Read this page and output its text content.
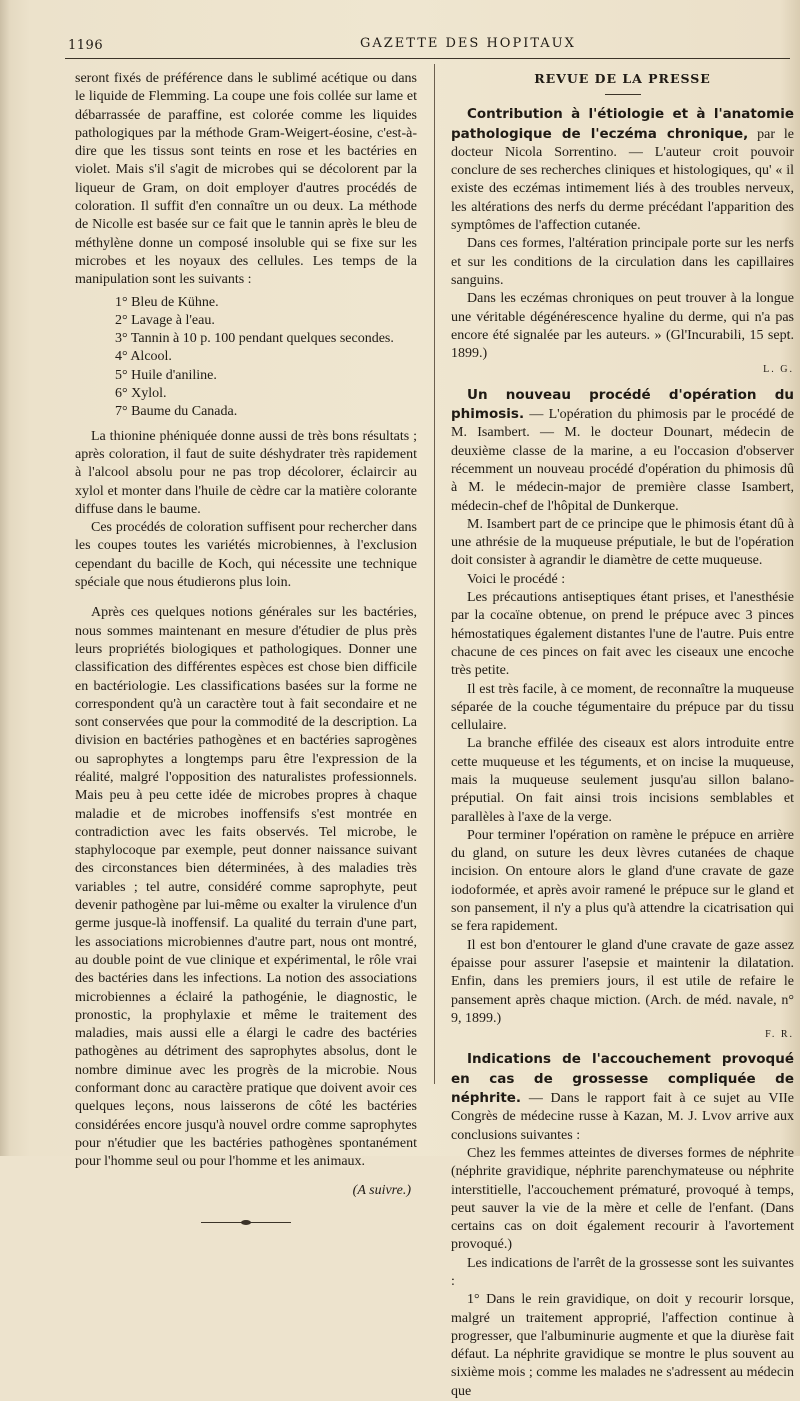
1196	GAZETTE DES HOPITAUX

seront fixés de préférence dans le sublimé acétique ou dans le liquide de Flemming. La coupe une fois collée sur lame et débarrassée de paraffine, est colorée comme les liquides pathologiques par la méthode Gram-Weigert-éosine, c'est-à-dire que les tissus sont teints en rose et les bactéries en violet. Mais s'il s'agit de microbes qui se décolorent par la liqueur de Gram, on doit employer d'autres procédés de coloration. Il suffit d'en connaître un ou deux. La méthode de Nicolle est basée sur ce fait que le tannin après le bleu de méthylène donne un composé insoluble qui se fixe sur les microbes et les noyaux des cellules. Les temps de la manipulation sont les suivants :

1° Bleu de Kühne.
2° Lavage à l'eau.
3° Tannin à 10 p. 100 pendant quelques secondes.
4° Alcool.
5° Huile d'aniline.
6° Xylol.
7° Baume du Canada.

La thionine phéniquée donne aussi de très bons résultats ; après coloration, il faut de suite déshydrater très rapidement à l'alcool absolu pour ne pas trop décolorer, éclaircir au xylol et monter dans l'huile de cèdre car la matière colorante diffuse dans le baume.

Ces procédés de coloration suffisent pour rechercher dans les coupes toutes les variétés microbiennes, à l'exclusion cependant du bacille de Koch, qui nécessite une technique spéciale que nous étudierons plus loin.

Après ces quelques notions générales sur les bactéries, nous sommes maintenant en mesure d'étudier de plus près leurs propriétés biologiques et pathologiques. Donner une classification des différentes espèces est chose bien difficile en bactériologie. Les classifications basées sur la forme ne correspondent qu'à un caractère tout à fait secondaire et ne sont conservées que pour la commodité de la description. La division en bactéries pathogènes et en bactéries saprogènes ou saprophytes a longtemps paru être l'expression de la réalité, malgré l'opposition des naturalistes professionnels. Mais peu à peu cette idée de microbes propres à chaque maladie et de microbes inoffensifs s'est montrée en contradiction avec les faits observés. Tel microbe, le staphylocoque par exemple, peut donner naissance suivant des circonstances bien déterminées, à des maladies très variables ; tel autre, considéré comme saprophyte, peut devenir pathogène par lui-même ou exalter la virulence d'un germe jusque-là inoffensif. La qualité du terrain d'une part, les associations microbiennes d'autre part, nous ont montré, au double point de vue clinique et expérimental, le rôle vrai des bactéries dans les infections. La notion des associations microbiennes a éclairé la pathogénie, le diagnostic, le pronostic, la prophylaxie et même le traitement des maladies, mais aussi elle a élargi le cadre des bactéries pathogènes au détriment des saprophytes absolus, dont le nombre diminue avec les progrès de la microbie. Nous conformant donc au caractère pratique que doivent avoir ces quelques leçons, nous laisserons de côté les bactéries considérées encore jusqu'à nouvel ordre comme saprophytes pour n'étudier que les bactéries pathogènes spontanément pour l'homme seul ou pour l'homme et les animaux.

(A suivre.)
REVUE DE LA PRESSE

Contribution à l'étiologie et à l'anatomie pathologique de l'eczéma chronique, par le docteur Nicola Sorrentino. — L'auteur croit pouvoir conclure de ses recherches cliniques et histologiques, qu' « il existe des eczémas intimement liés à des troubles nerveux, les altérations des nerfs du derme précédant l'apparition des symptômes de l'affection cutanée.

Dans ces formes, l'altération principale porte sur les nerfs et sur les conditions de la circulation dans les capillaires sanguins.

Dans les eczémas chroniques on peut trouver à la longue une véritable dégénérescence hyaline du derme, qui n'a pas encore été signalée par les auteurs. » (Gl'Incurabili, 15 sept. 1899.)

L. G.

Un nouveau procédé d'opération du phimosis. — L'opération du phimosis par le procédé de M. Isambert. — M. le docteur Dounart, médecin de deuxième classe de la marine, a eu l'occasion d'observer récemment un nouveau procédé d'opération du phimosis dû à M. le médecin-major de première classe Isambert, médecin-chef de l'hôpital de Dunkerque.

M. Isambert part de ce principe que le phimosis étant dû à une athrésie de la muqueuse préputiale, le but de l'opération doit consister à agrandir le diamètre de cette muqueuse.

Voici le procédé :

Les précautions antiseptiques étant prises, et l'anesthésie par la cocaïne obtenue, on prend le prépuce avec 3 pinces hémostatiques également distantes l'une de l'autre. Puis entre chacune de ces pinces on fait avec les ciseaux une encoche très petite.

Il est très facile, à ce moment, de reconnaître la muqueuse séparée de la couche tégumentaire du prépuce par du tissu cellulaire.

La branche effilée des ciseaux est alors introduite entre cette muqueuse et les téguments, et on incise la muqueuse, mais la muqueuse seulement jusqu'au sillon balano-préputial. On fait ainsi trois incisions semblables et parallèles à l'axe de la verge.

Pour terminer l'opération on ramène le prépuce en arrière du gland, on suture les deux lèvres cutanées de chaque incision. On entoure alors le gland d'une cravate de gaze iodoformée, et après avoir ramené le prépuce sur le gland et son pansement, il n'y a plus qu'à attendre la cicatrisation qui se fera rapidement.

Il est bon d'entourer le gland d'une cravate de gaze assez épaisse pour assurer l'asepsie et maintenir la dilatation. Enfin, dans les premiers jours, il est utile de refaire le pansement après chaque miction. (Arch. de méd. navale, n° 9, 1899.)

F. R.

Indications de l'accouchement provoqué en cas de grossesse compliquée de néphrite. — Dans le rapport fait à ce sujet au VIIe Congrès de médecine russe à Kazan, M. J. Lvov arrive aux conclusions suivantes :

Chez les femmes atteintes de diverses formes de néphrite (néphrite gravidique, néphrite parenchymateuse ou néphrite interstitielle, l'accouchement prématuré, provoqué à temps, peut sauver la vie de la mère et celle de l'enfant. (Dans certains cas on doit également recourir à l'avortement provoqué.)

Les indications de l'arrêt de la grossesse sont les suivantes :

1° Dans le rein gravidique, on doit y recourir lorsque, malgré un traitement approprié, l'affection continue à progresser, que l'albuminurie augmente et que la diurèse fait défaut. La néphrite gravidique se montre le plus souvent au sixième mois ; comme les malades ne s'adressent au médecin que
